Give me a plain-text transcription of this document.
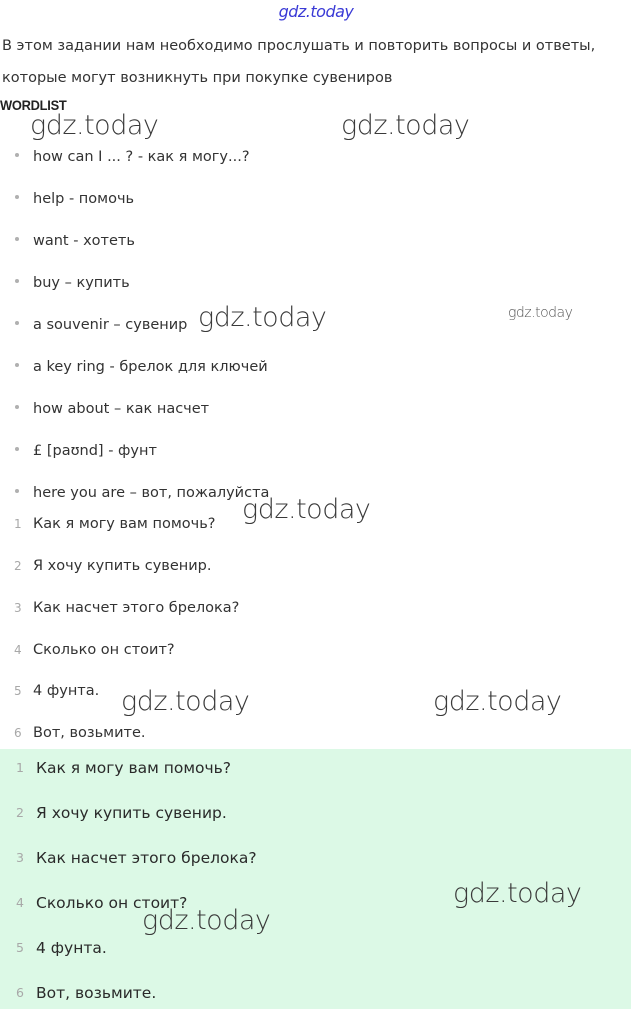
gdz.today
В этом задании нам необходимо прослушать и повторить вопросы и ответы, которые могут возникнуть при покупке сувениров
WORDLIST
how can I ... ? - как я могу...?
help - помочь
want - хотеть
buy – купить
a souvenir – сувенир
a key ring - брелок для ключей
how about – как насчет
£ [paʊnd] - фунт
here you are – вот, пожалуйста
1 Как я могу вам помочь?
2 Я хочу купить сувенир.
3 Как насчет этого брелока?
4 Сколько он стоит?
5 4 фунта.
6 Вот, возьмите.
1 Как я могу вам помочь?
2 Я хочу купить сувенир.
3 Как насчет этого брелока?
4 Сколько он стоит?
5 4 фунта.
6 Вот, возьмите.
gdz.today	gdz.today
gdz.today	gdz.today
gdz.today
gdz.today	gdz.today
gdz.today
gdz.today
